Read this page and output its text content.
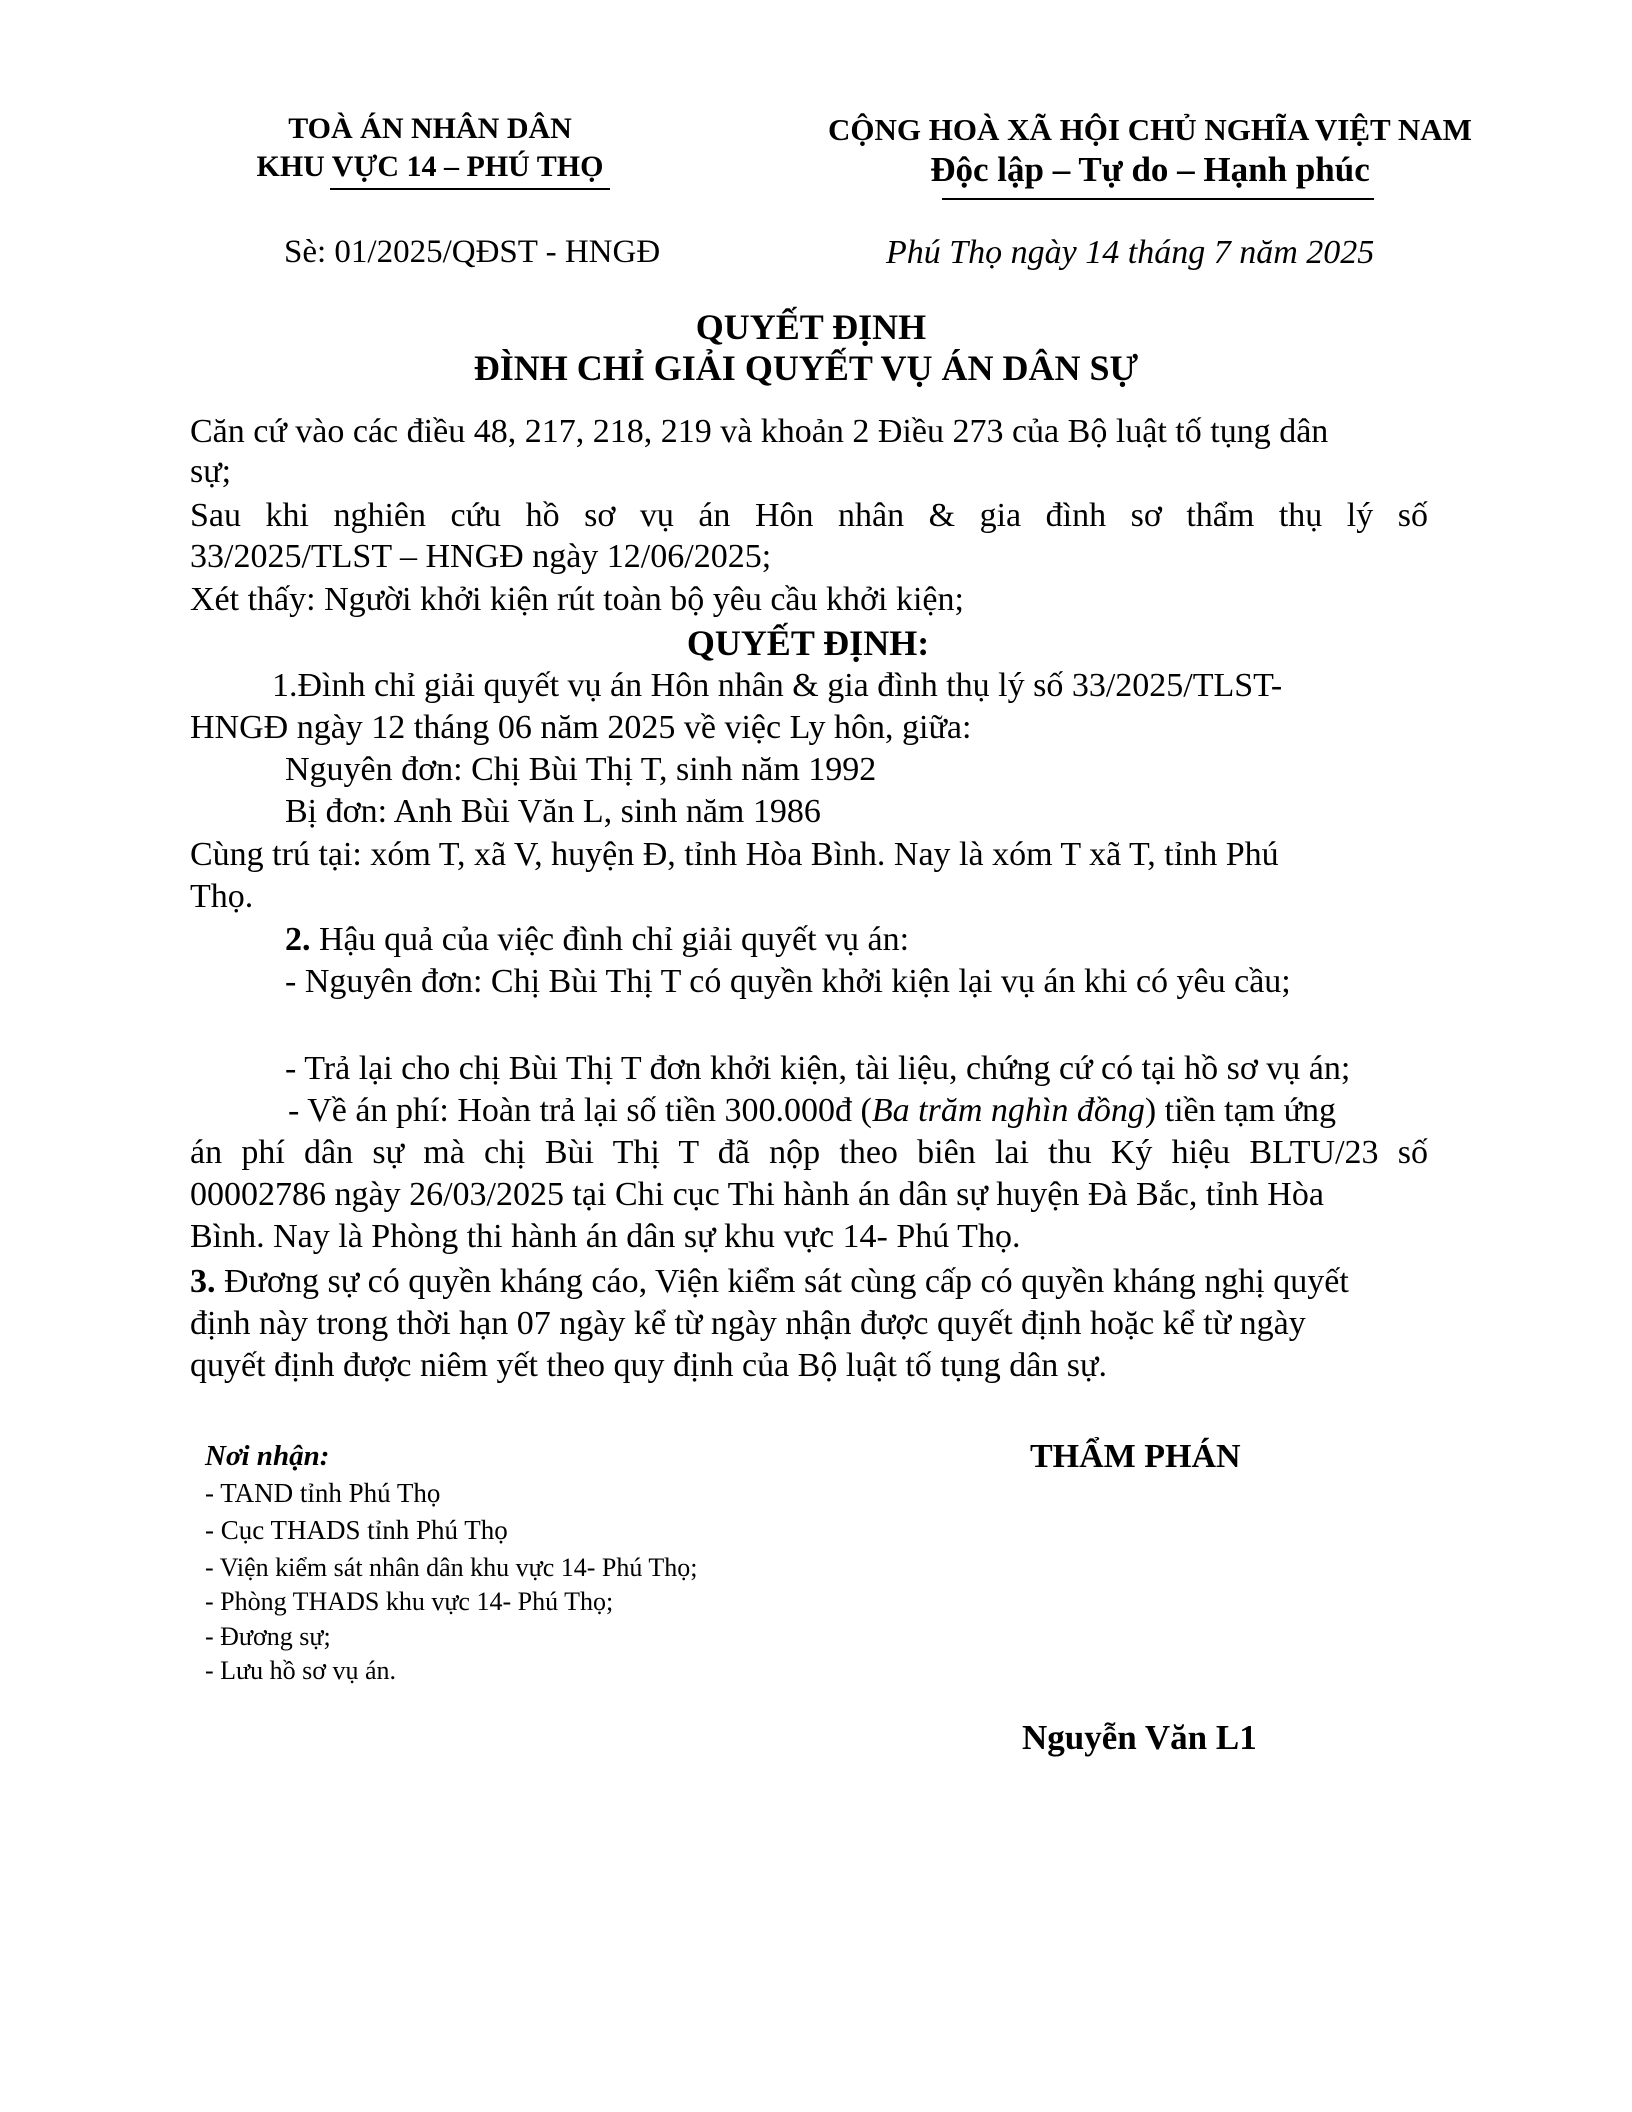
TOÀ ÁN NHÂN DÂN
KHU VỰC 14 – PHÚ THỌ
CỘNG HOÀ XÃ HỘI CHỦ NGHĨA VIỆT NAM
Độc lập – Tự do – Hạnh phúc
Sè: 01/2025/QĐST - HNGĐ	Phú Thọ ngày 14 tháng 7 năm 2025
QUYẾT ĐỊNH
ĐÌNH CHỈ GIẢI QUYẾT VỤ ÁN DÂN SỰ
Căn cứ vào các điều 48, 217, 218, 219 và khoản 2 Điều 273 của Bộ luật tố tụng dân
sự;
Sau khi nghiên cứu hồ sơ vụ án Hôn nhân & gia đình sơ thẩm thụ lý số
33/2025/TLST – HNGĐ ngày 12/06/2025;
Xét thấy: Người khởi kiện rút toàn bộ yêu cầu khởi kiện;
QUYẾT ĐỊNH:
1.Đình chỉ giải quyết vụ án Hôn nhân & gia đình thụ lý số 33/2025/TLST-
HNGĐ ngày 12 tháng 06 năm 2025 về việc Ly hôn, giữa:
Nguyên đơn: Chị Bùi Thị T, sinh năm 1992
Bị đơn: Anh Bùi Văn L, sinh năm 1986
Cùng trú tại: xóm T, xã V, huyện Đ, tỉnh Hòa Bình. Nay là xóm T xã T, tỉnh Phú
Thọ.
2. Hậu quả của việc đình chỉ giải quyết vụ án:
- Nguyên đơn: Chị Bùi Thị T có quyền khởi kiện lại vụ án khi có yêu cầu;
- Trả lại cho chị Bùi Thị T đơn khởi kiện, tài liệu, chứng cứ có tại hồ sơ vụ án;
- Về án phí: Hoàn trả lại số tiền 300.000đ (Ba trăm nghìn đồng) tiền tạm ứng
án phí dân sự mà chị Bùi Thị T đã nộp theo biên lai thu Ký hiệu BLTU/23 số
00002786 ngày 26/03/2025 tại Chi cục Thi hành án dân sự huyện Đà Bắc, tỉnh Hòa
Bình. Nay là Phòng thi hành án dân sự khu vực 14- Phú Thọ.
3. Đương sự có quyền kháng cáo, Viện kiểm sát cùng cấp có quyền kháng nghị quyết
định này trong thời hạn 07 ngày kể từ ngày nhận được quyết định hoặc kể từ ngày
quyết định được niêm yết theo quy định của Bộ luật tố tụng dân sự.
Nơi nhận:
- TAND tỉnh Phú Thọ
- Cục THADS tỉnh Phú Thọ
- Viện kiểm sát nhân dân khu vực 14- Phú Thọ;
- Phòng THADS khu vực 14- Phú Thọ;
- Đương sự;
- Lưu hồ sơ vụ án.
THẨM PHÁN
Nguyễn Văn L1
